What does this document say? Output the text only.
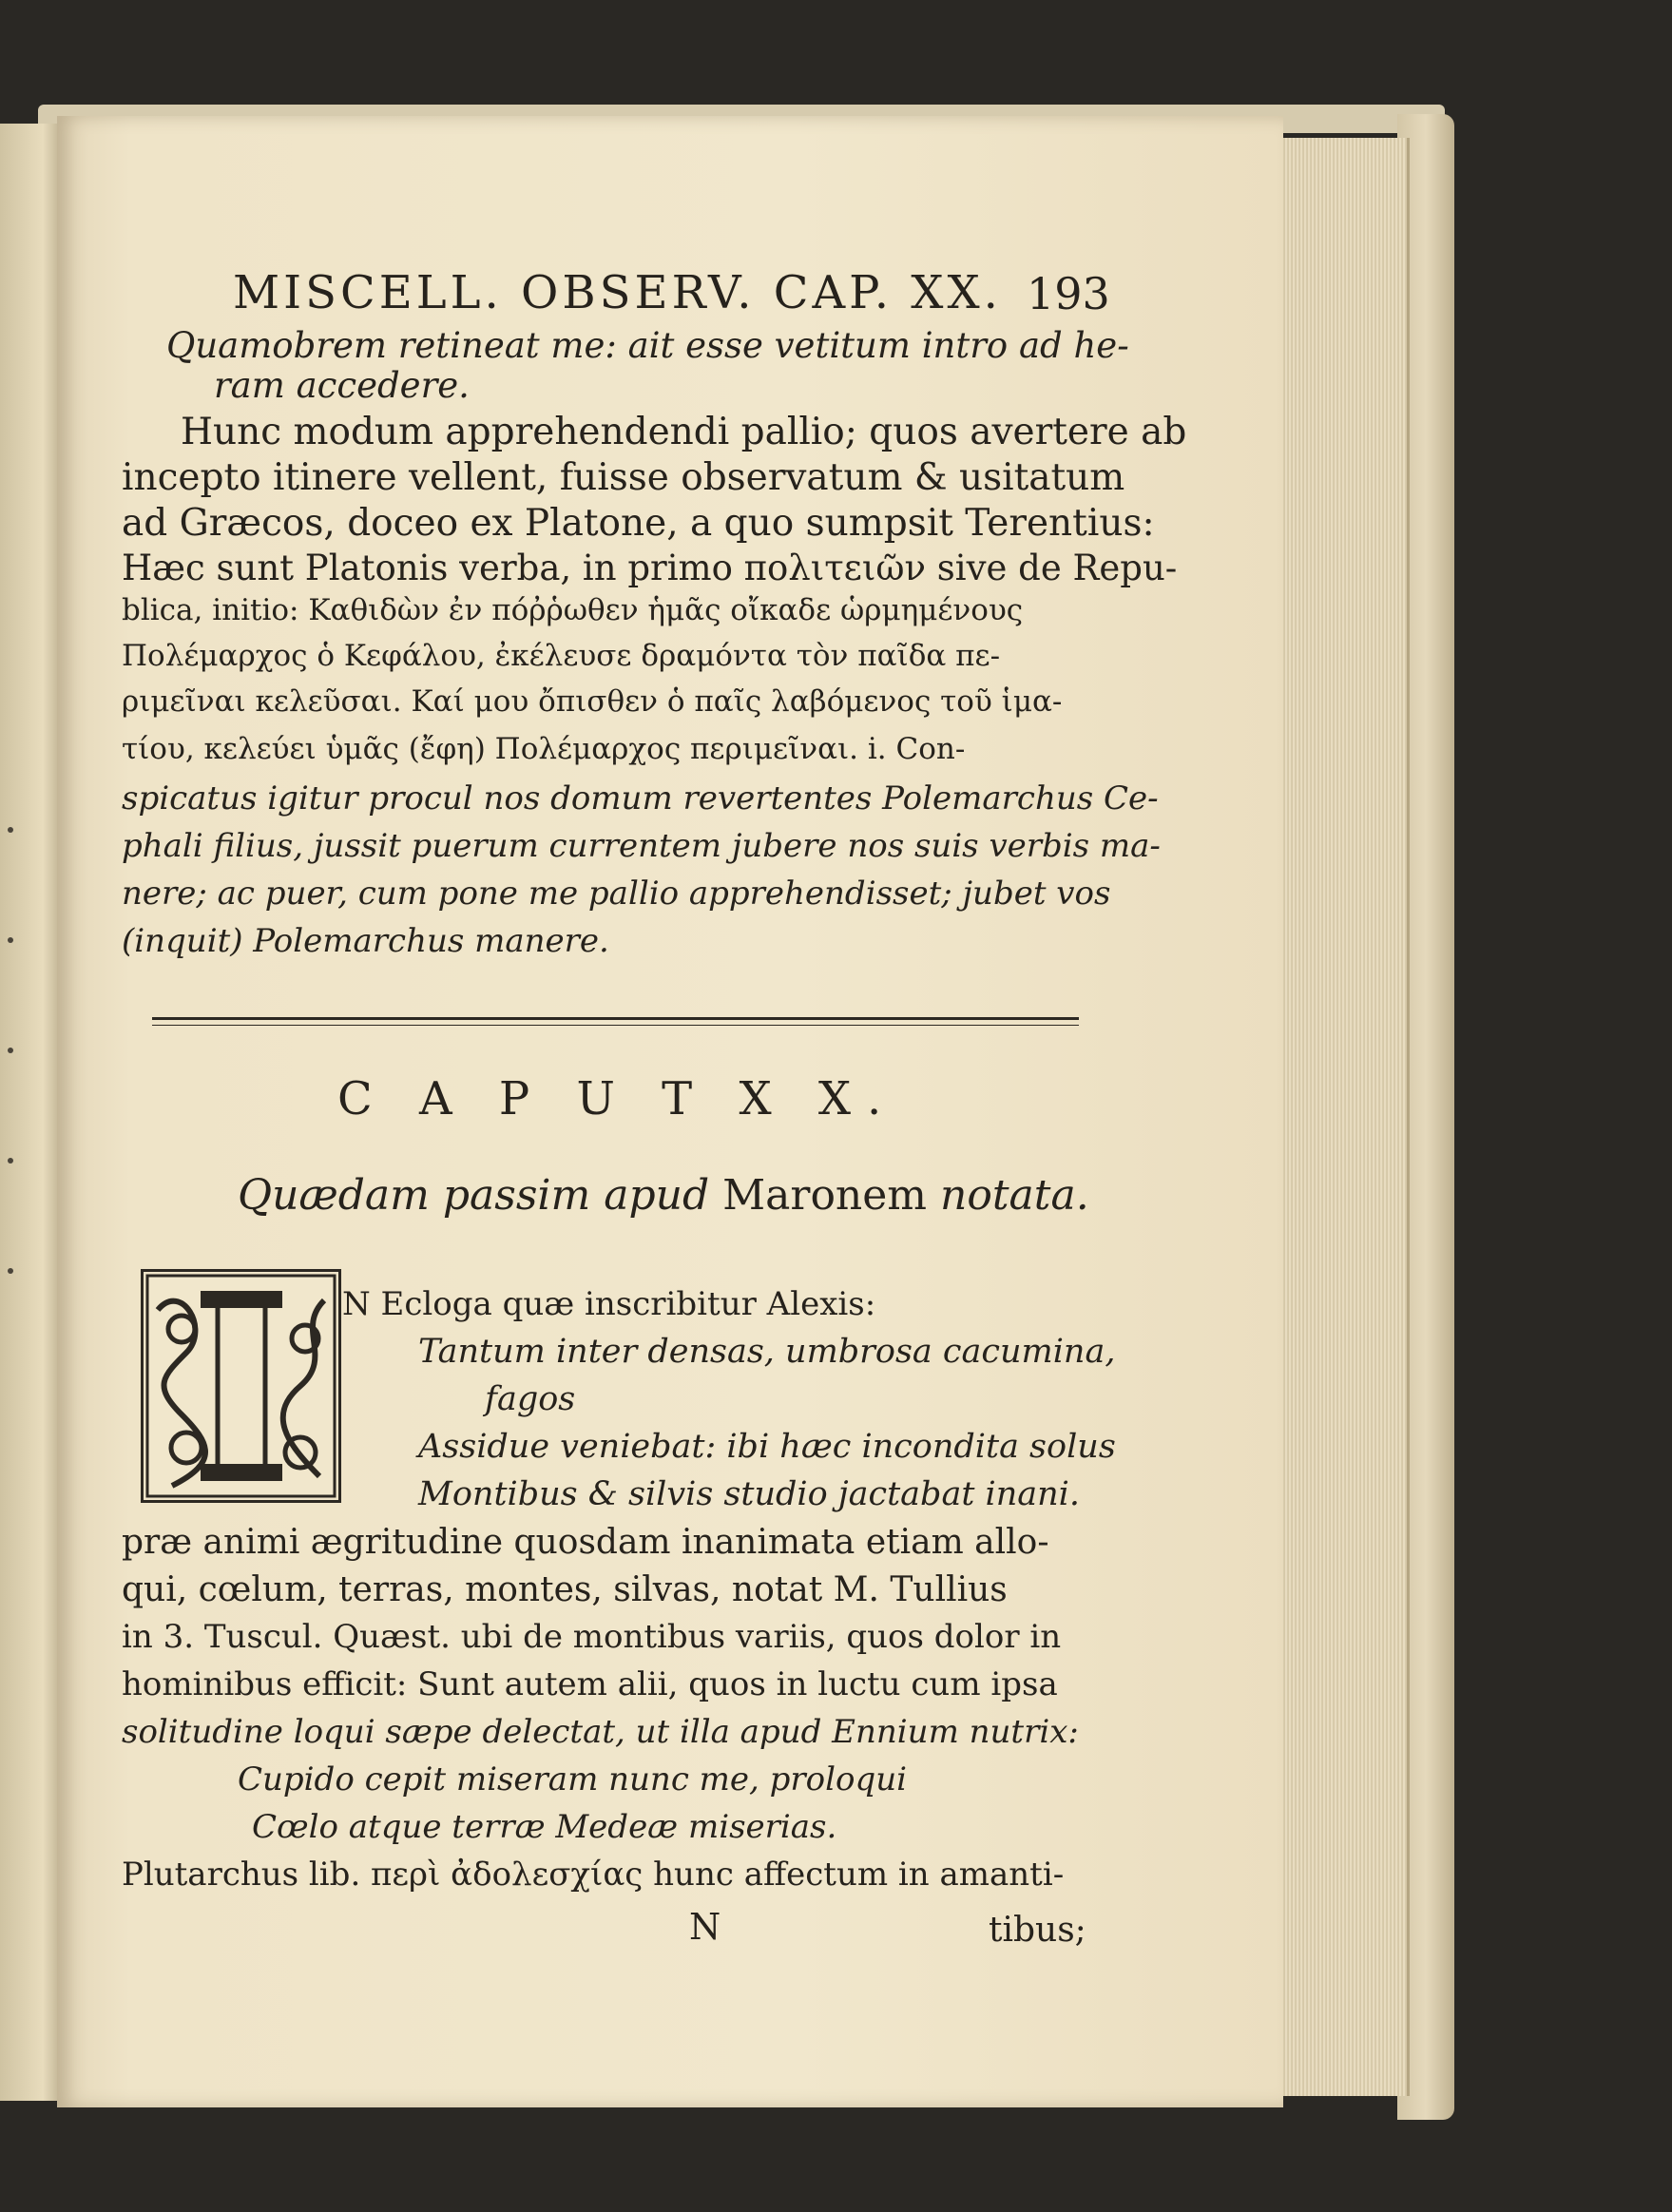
MISCELL. OBSERV. CAP. XX. 193
Quamobrem retineat me: ait esse vetitum intro ad he-
ram accedere.
Hunc modum apprehendendi pallio; quos avertere ab
incepto itinere vellent, fuisse observatum & usitatum
ad Græcos, doceo ex Platone, a quo sumpsit Terentius:
Hæc sunt Platonis verba, in primo πολιτειῶν sive de Repu-
blica, initio: Καθιδὼν ἐν πόῤῥωθεν ἡμᾶς οἴκαδε ὡρμημένους
Πολέμαρχος ὁ Κεφάλου, ἐκέλευσε δραμόντα τὸν παῖδα πε-
ριμεῖναι κελεῦσαι. Καί μου ὄπισθεν ὁ παῖς λαβόμενος τοῦ ἱμα-
τίου, κελεύει ὑμᾶς (ἔφη) Πολέμαρχος περιμεῖναι. i. Con-
spicatus igitur procul nos domum revertentes Polemarchus Ce-
phali filius, jussit puerum currentem jubere nos suis verbis ma-
nere; ac puer, cum pone me pallio apprehendisset; jubet vos
(inquit) Polemarchus manere.
C A P U T X X.
Quædam passim apud Maronem notata.
N Ecloga quæ inscribitur Alexis:
Tantum inter densas, umbrosa cacumina,
fagos
Assidue veniebat: ibi hæc incondita solus
Montibus & silvis studio jactabat inani.
præ animi ægritudine quosdam inanimata etiam allo-
qui, cœlum, terras, montes, silvas, notat M. Tullius
in 3. Tuscul. Quæst. ubi de montibus variis, quos dolor in
hominibus efficit: Sunt autem alii, quos in luctu cum ipsa
solitudine loqui sæpe delectat, ut illa apud Ennium nutrix:
Cupido cepit miseram nunc me, proloqui
Cœlo atque terræ Medeæ miserias.
Plutarchus lib. περὶ ἀδολεσχίας hunc affectum in amanti-
N	tibus;
